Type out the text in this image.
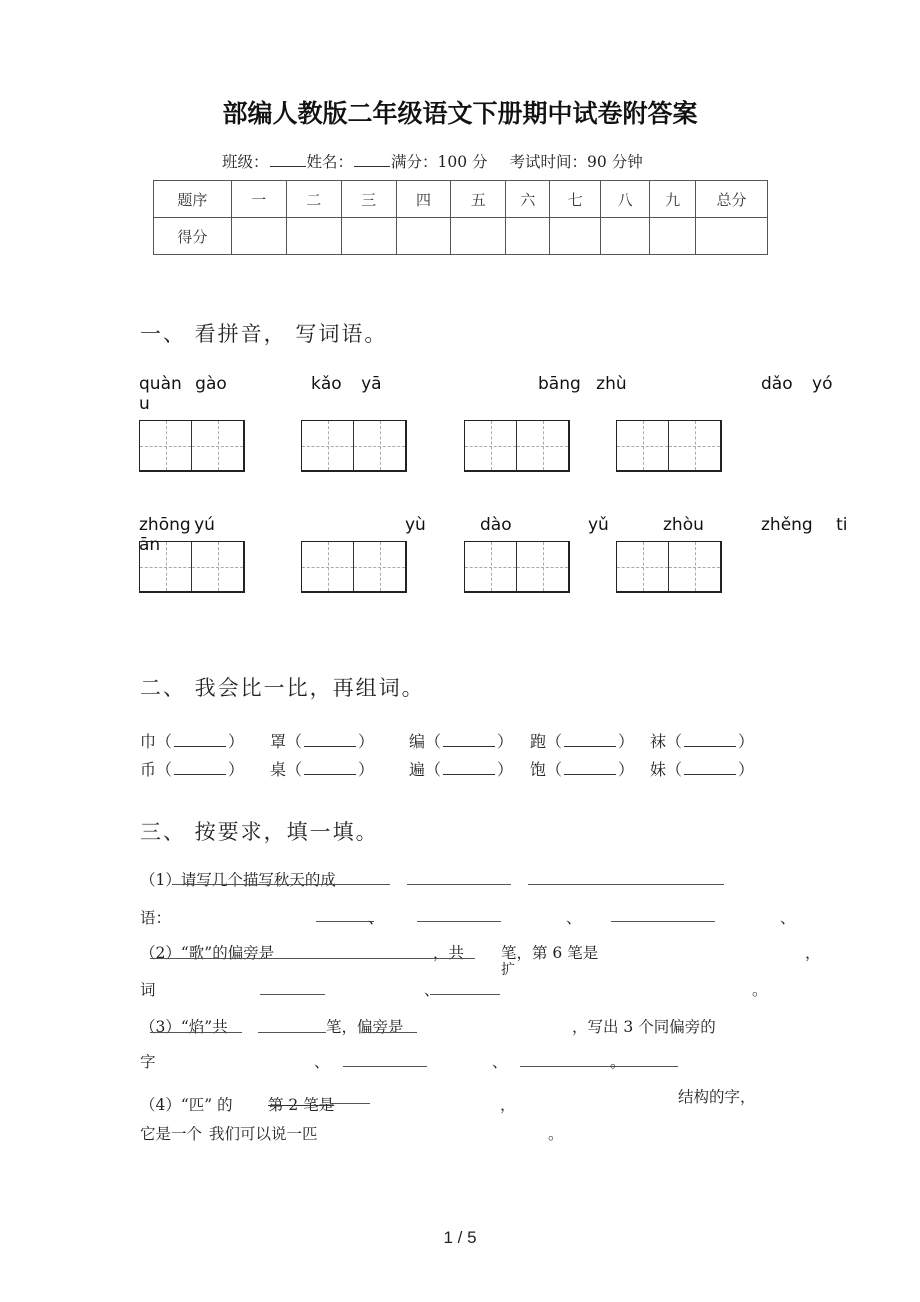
部编人教版二年级语文下册期中试卷附答案
班级： 姓名： 满分：100 分 考试时间：90 分钟
题序	一	二	三	四	五	六	七	八	九	总分
得分										
一、 看拼音， 写词语。
quàn gào	kǎo yā	bāng zhù	dǎo yó
u
zhōng yú	yù	dào	yǔ	zhòu	zhěng ti
ān
二、 我会比一比，再组词。
巾（	） 罩（	） 编（	） 跑（	） 袜（	）
币（	） 桌（	） 遍（	） 饱（	） 妹（	）
三、 按要求，填一填。
（1）请写几个描写秋天的成
语：	、	、	、
（2）“歌”的偏旁是	，共 笔，第 6 笔是	，
扩
词	、	。
（3）“焰”共	笔，偏旁是	，写出 3 个同偏旁的
字	、	、	。
（4）“匹” 的 第 2 笔是	，	结构的字，
它是一个 我们可以说一匹	。
1 / 5
